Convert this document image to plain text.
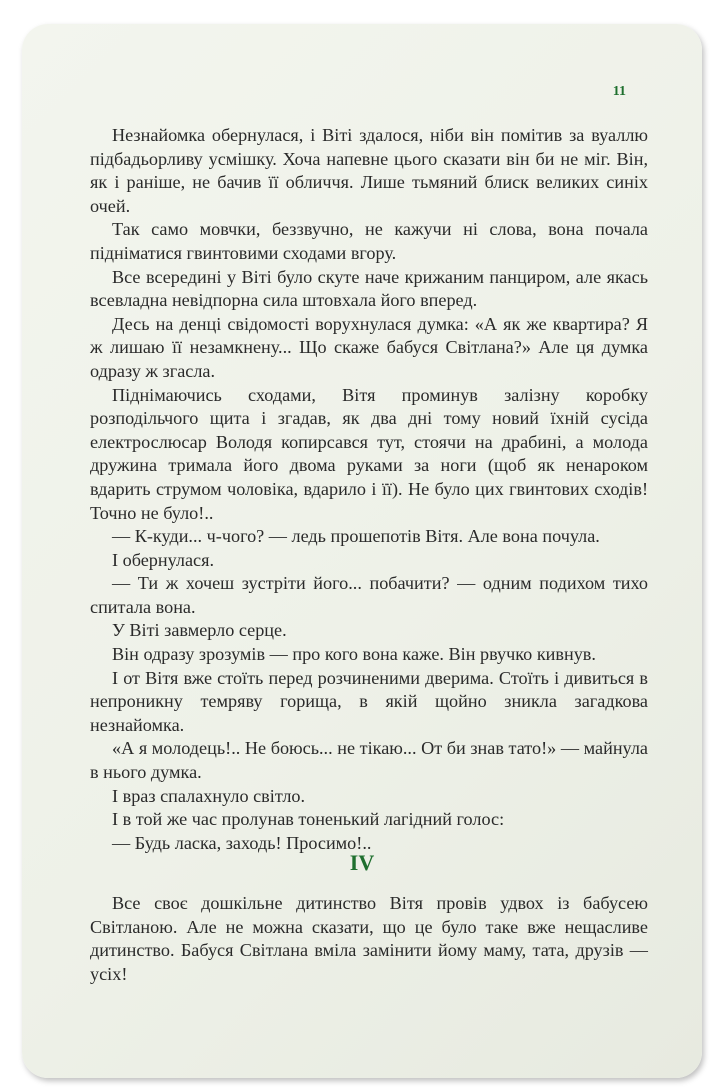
11

Незнайомка обернулася, і Віті здалося, ніби він помітив за вуаллю підбадьорливу усмішку. Хоча напевне цього сказати він би не міг. Він, як і раніше, не бачив її обличчя. Лише тьмяний блиск великих синіх очей.

Так само мовчки, беззвучно, не кажучи ні слова, вона почала підніматися гвинтовими сходами вгору.

Все всередині у Віті було скуте наче крижаним панциром, але якась всевладна невідпорна сила штовхала його вперед.

Десь на денці свідомості ворухнулася думка: «А як же квартира? Я ж лишаю її незамкнену... Що скаже бабуся Світлана?» Але ця думка одразу ж згасла.

Піднімаючись сходами, Вітя проминув залізну коробку розподільчого щита і згадав, як два дні тому новий їхній сусіда електрослюсар Володя копирсався тут, стоячи на драбині, а молода дружина тримала його двома руками за ноги (щоб як ненароком вдарить струмом чоловіка, вдарило і її). Не було цих гвинтових сходів! Точно не було!..

— К-куди... ч-чого? — ледь прошепотів Вітя. Але вона почула.

І обернулася.

— Ти ж хочеш зустріти його... побачити? — одним подихом тихо спитала вона.

У Віті завмерло серце.

Він одразу зрозумів — про кого вона каже. Він рвучко кивнув.

І от Вітя вже стоїть перед розчиненими дверима. Стоїть і дивиться в непроникну темряву горища, в якій щойно зникла загадкова незнайомка.

«А я молодець!.. Не боюсь... не тікаю... От би знав тато!» — майнула в нього думка.

І враз спалахнуло світло.

І в той же час пролунав тоненький лагідний голос:

— Будь ласка, заходь! Просимо!..

IV

Все своє дошкільне дитинство Вітя провів удвох із бабусею Світланою. Але не можна сказати, що це було таке вже нещасливе дитинство. Бабуся Світлана вміла замінити йому маму, тата, друзів — усіх!
